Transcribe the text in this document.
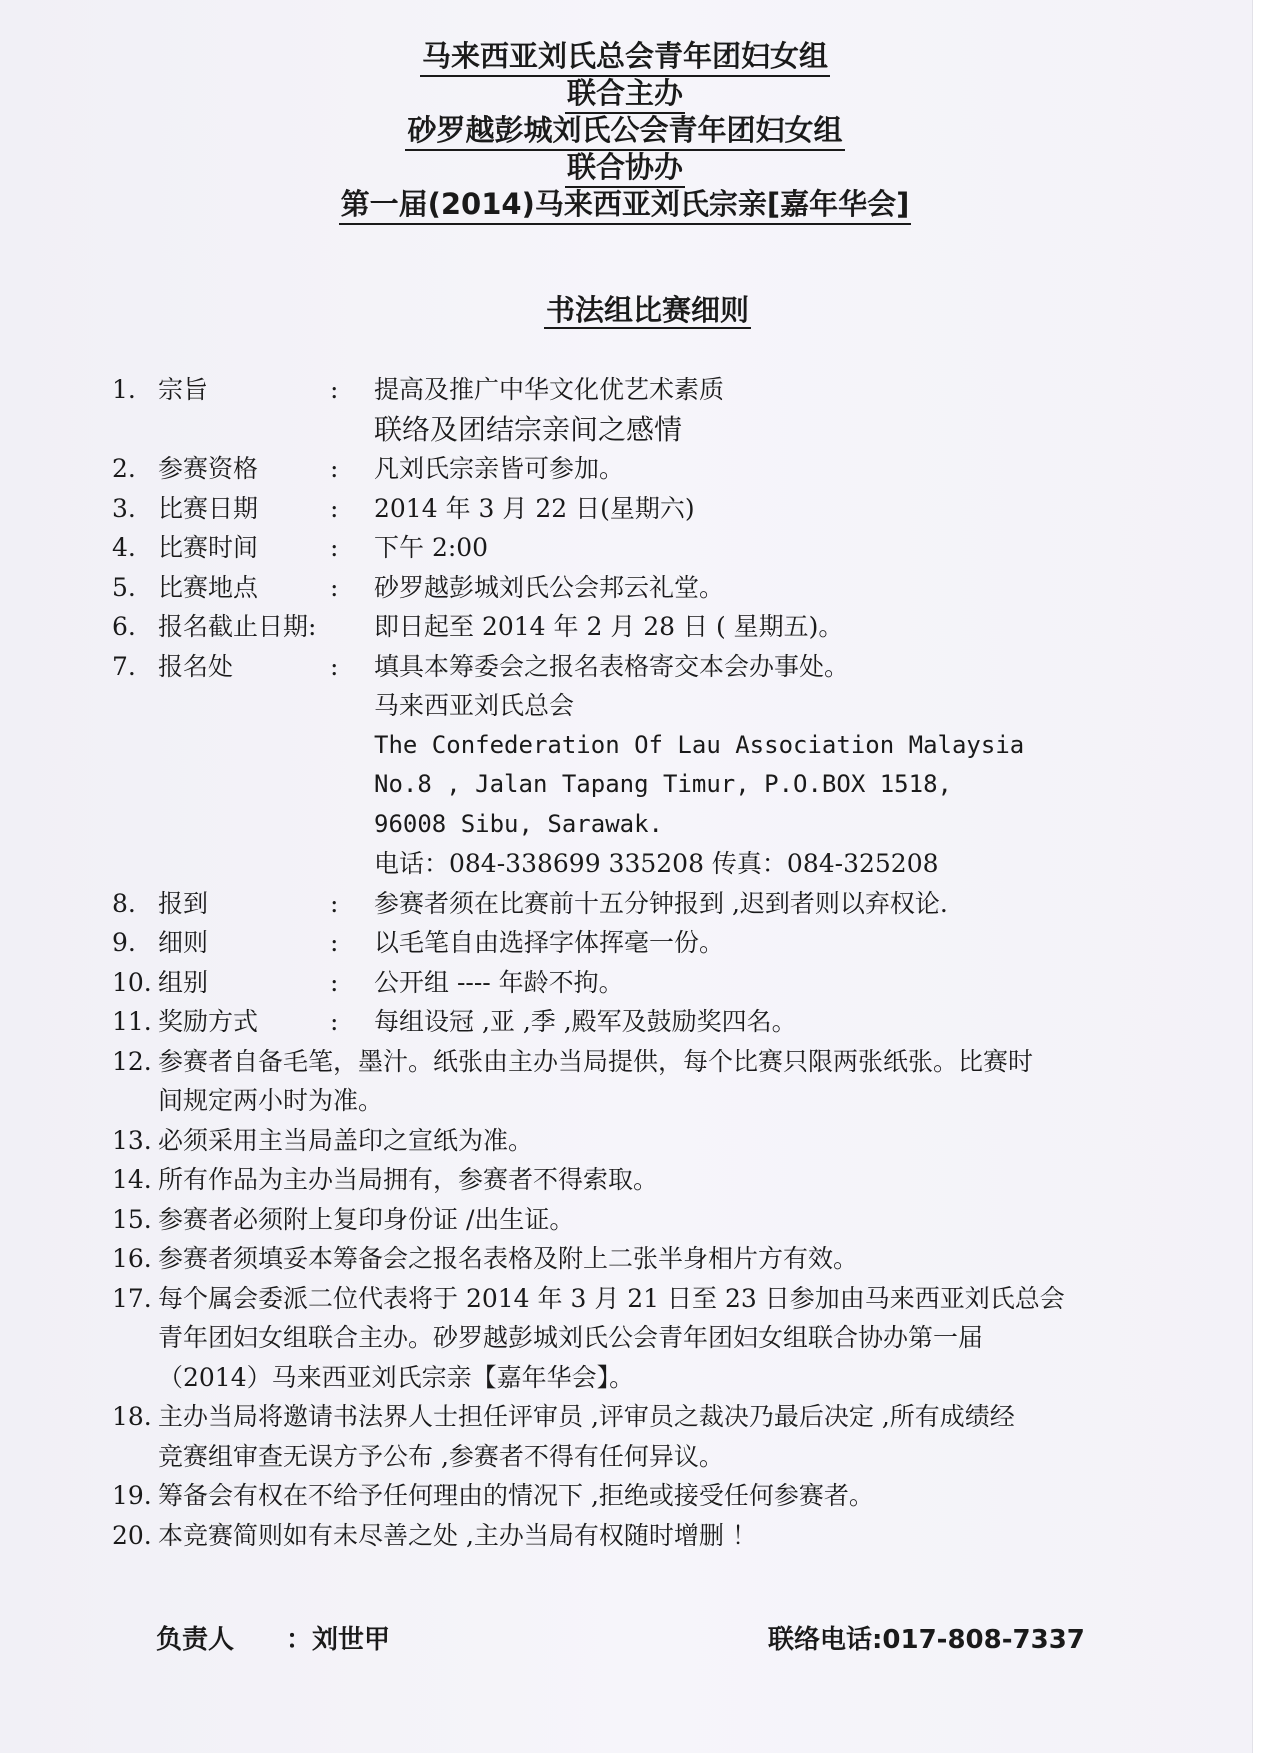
马来西亚刘氏总会青年团妇女组
联合主办
砂罗越彭城刘氏公会青年团妇女组
联合协办
第一届(2014)马来西亚刘氏宗亲[嘉年华会]
书法组比赛细则
1. 宗旨	: 提高及推广中华文化优艺术素质
联络及团结宗亲间之感情
2. 参赛资格	: 凡刘氏宗亲皆可参加。
3. 比赛日期	: 2014 年 3 月 22 日(星期六)
4. 比赛时间	: 下午 2:00
5. 比赛地点	: 砂罗越彭城刘氏公会邦云礼堂。
6. 报名截止日期: 即日起至 2014 年 2 月 28 日 ( 星期五)。
7. 报名处	: 填具本筹委会之报名表格寄交本会办事处。
马来西亚刘氏总会
The Confederation Of Lau Association Malaysia
No.8 , Jalan Tapang Timur, P.O.BOX 1518,
96008 Sibu, Sarawak.
电话：084-338699 335208 传真：084-325208
8. 报到	: 参赛者须在比赛前十五分钟报到 ,迟到者则以弃权论.
9. 细则	: 以毛笔自由选择字体挥毫一份。
10. 组别	: 公开组 ---- 年龄不拘。
11. 奖励方式	: 每组设冠 ,亚 ,季 ,殿军及鼓励奖四名。
12. 参赛者自备毛笔，墨汁。纸张由主办当局提供，每个比赛只限两张纸张。比赛时
间规定两小时为准。
13. 必须采用主当局盖印之宣纸为准。
14. 所有作品为主办当局拥有，参赛者不得索取。
15. 参赛者必须附上复印身份证 /出生证。
16. 参赛者须填妥本筹备会之报名表格及附上二张半身相片方有效。
17. 每个属会委派二位代表将于 2014 年 3 月 21 日至 23 日参加由马来西亚刘氏总会
青年团妇女组联合主办。砂罗越彭城刘氏公会青年团妇女组联合协办第一届
（2014）马来西亚刘氏宗亲【嘉年华会】。
18. 主办当局将邀请书法界人士担任评审员 ,评审员之裁决乃最后决定 ,所有成绩经
竞赛组审查无误方予公布 ,参赛者不得有任何异议。
19. 筹备会有权在不给予任何理由的情况下 ,拒绝或接受任何参赛者。
20. 本竞赛简则如有未尽善之处 ,主办当局有权随时增删 ！
负责人 ：刘世甲	联络电话:017-808-7337
